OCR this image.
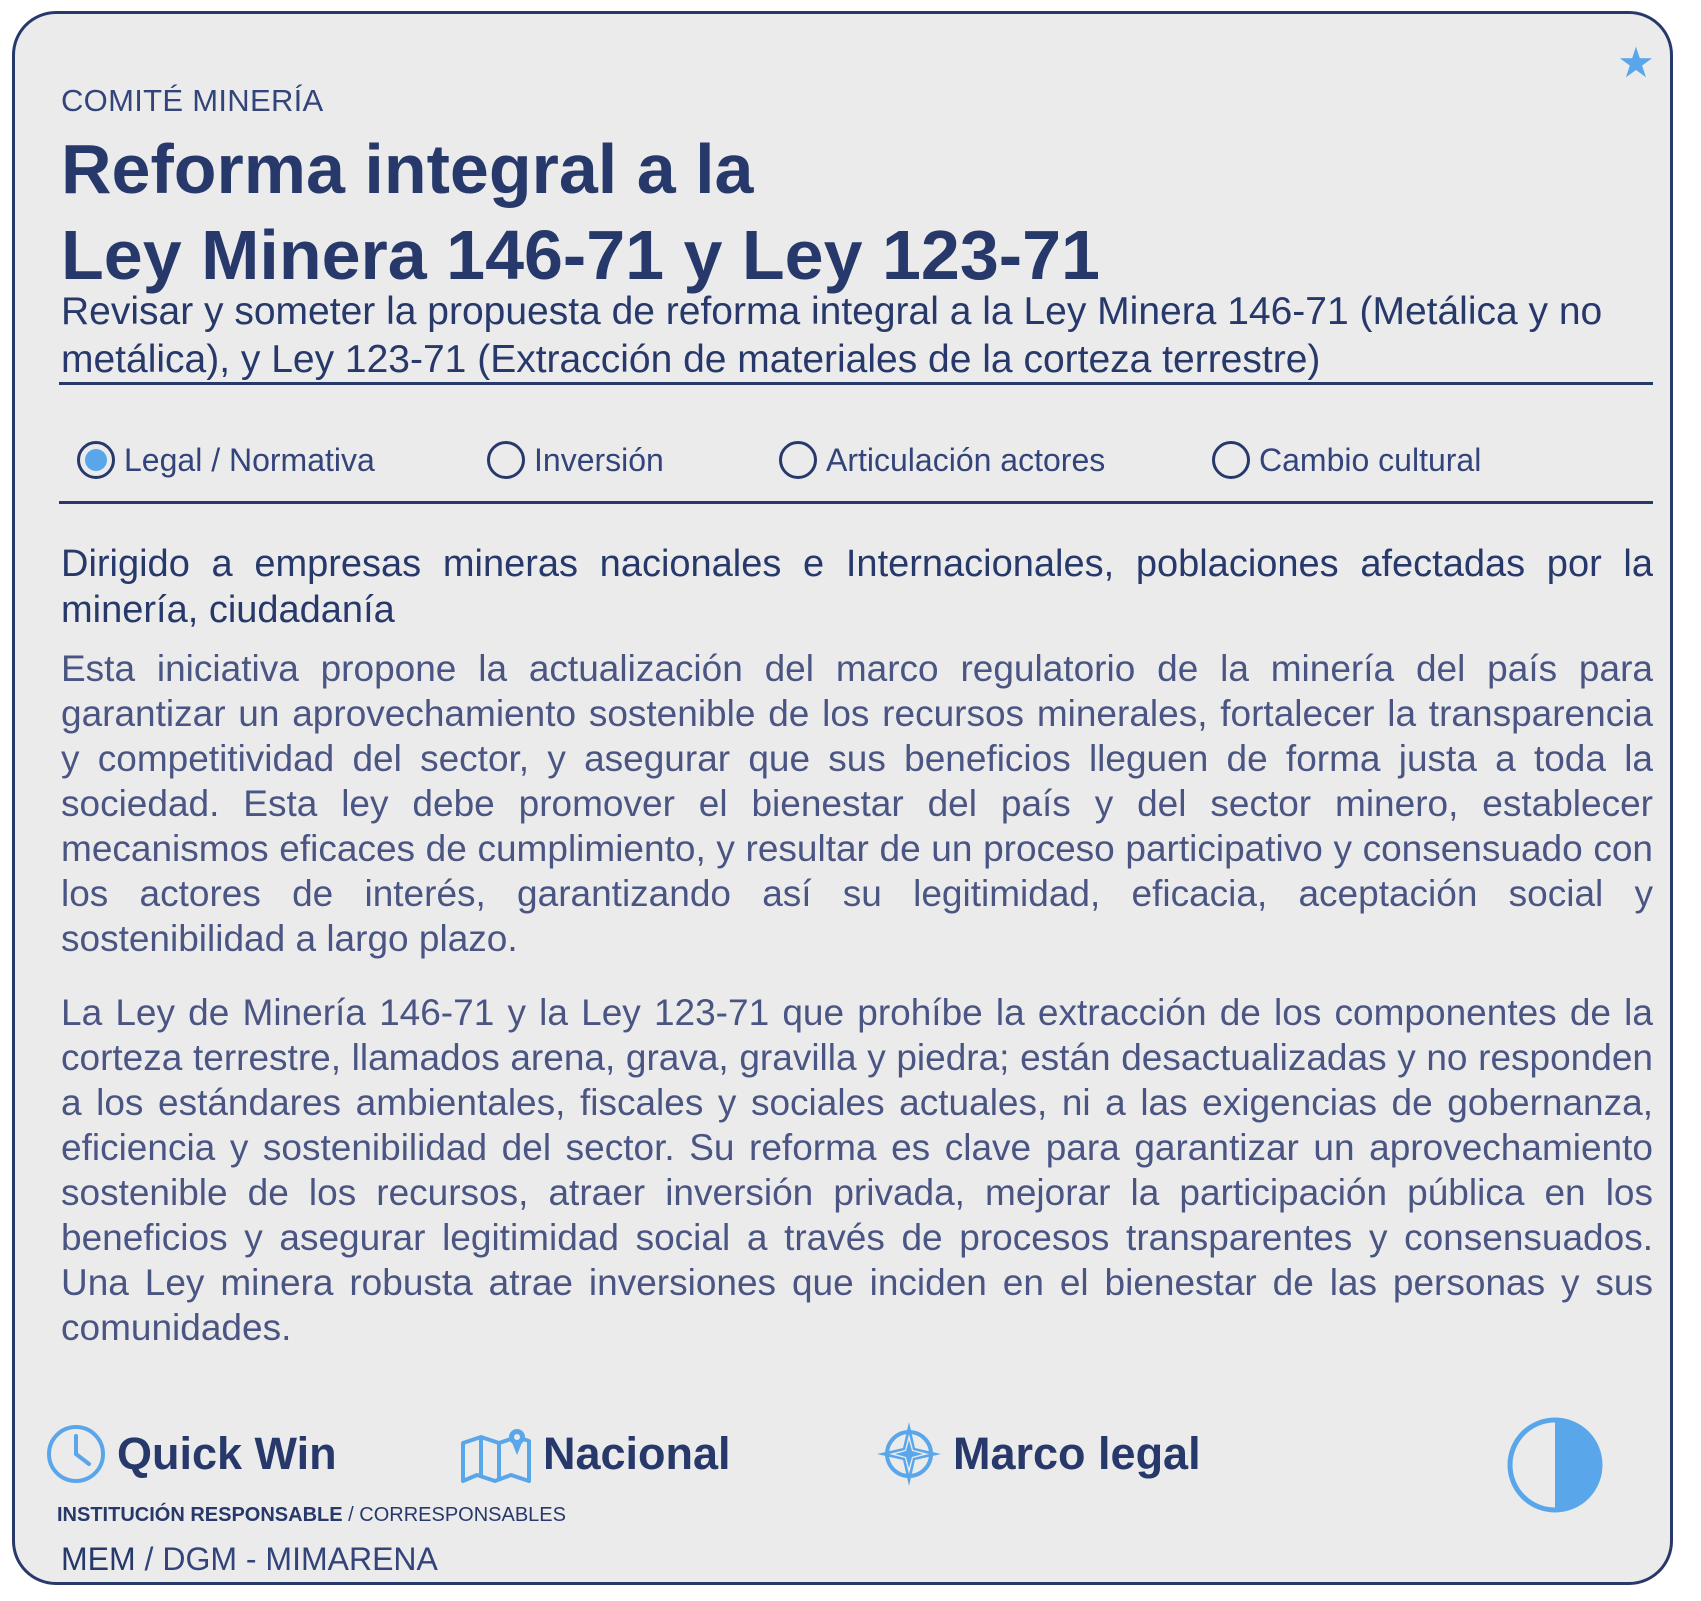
★
COMITÉ MINERÍA
Reforma integral a la
Ley Minera 146-71 y Ley 123-71
Revisar y someter la propuesta de reforma integral a la Ley Minera 146-71 (Metálica y no metálica), y Ley 123-71 (Extracción de materiales de la corteza terrestre)
Legal / Normativa	Inversión	Articulación actores	Cambio cultural
Dirigido a empresas mineras nacionales e Internacionales, poblaciones afectadas por la minería, ciudadanía
Esta iniciativa propone la actualización del marco regulatorio de la minería del país para garantizar un aprovechamiento sostenible de los recursos minerales, fortalecer la transparencia y competitividad del sector, y asegurar que sus beneficios lleguen de forma justa a toda la sociedad. Esta ley debe promover el bienestar del país y del sector minero, establecer mecanismos eficaces de cumplimiento, y resultar de un proceso participativo y consensuado con los actores de interés, garantizando así su legitimidad, eficacia, aceptación social y sostenibilidad a largo plazo.
La Ley de Minería 146-71 y la Ley 123-71 que prohíbe la extracción de los componentes de la corteza terrestre, llamados arena, grava, gravilla y piedra; están desactualizadas y no responden a los estándares ambientales, fiscales y sociales actuales, ni a las exigencias de gobernanza, eficiencia y sostenibilidad del sector. Su reforma es clave para garantizar un aprovechamiento sostenible de los recursos, atraer inversión privada, mejorar la participación pública en los beneficios y asegurar legitimidad social a través de procesos transparentes y consensuados. Una Ley minera robusta atrae inversiones que inciden en el bienestar de las personas y sus comunidades.
Quick Win	Nacional	Marco legal
INSTITUCIÓN RESPONSABLE / CORRESPONSABLES
MEM / DGM - MIMARENA
